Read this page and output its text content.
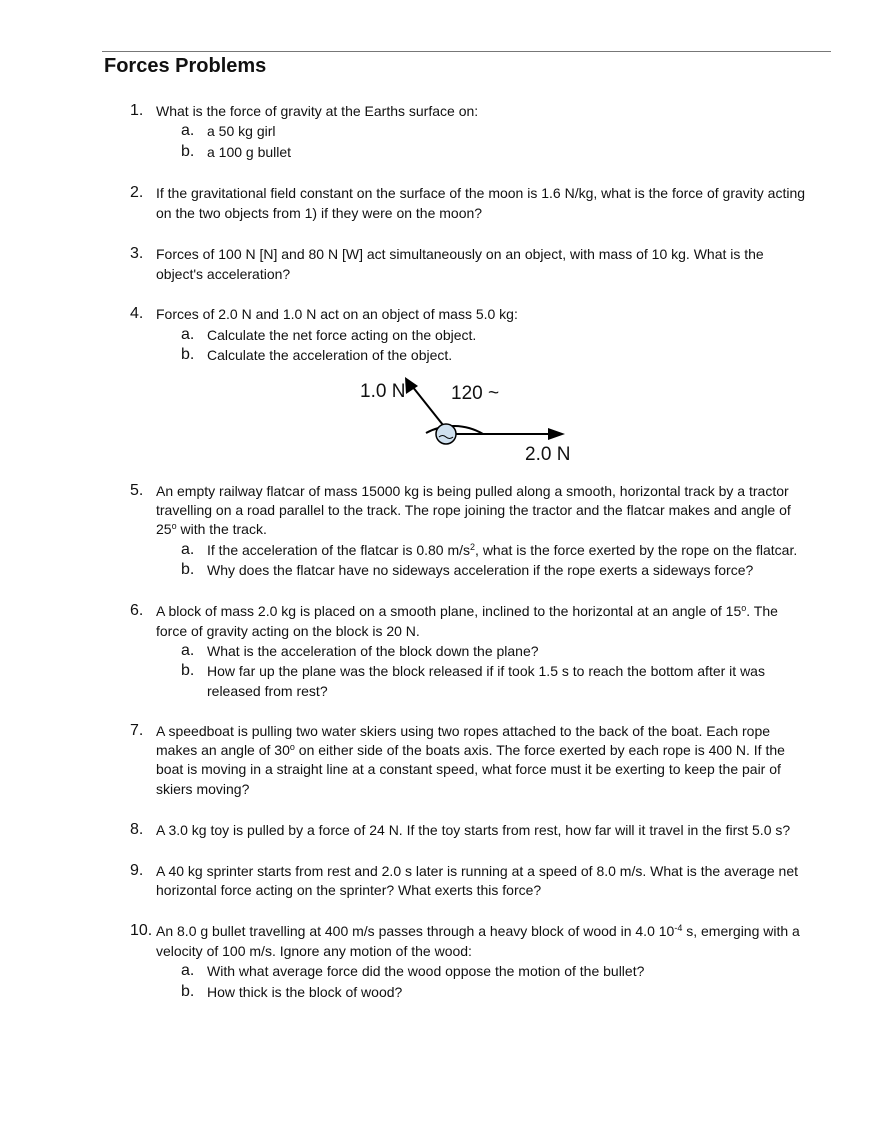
Forces Problems
1. What is the force of gravity at the Earths surface on:
a. a 50 kg girl
b. a 100 g bullet
2. If the gravitational field constant on the surface of the moon is 1.6 N/kg, what is the force of gravity acting
on the two objects from 1) if they were on the moon?
3. Forces of 100 N [N] and 80 N [W] act simultaneously on an object, with mass of 10 kg. What is the
object's acceleration?
4. Forces of 2.0 N and 1.0 N act on an object of mass 5.0 kg:
a. Calculate the net force acting on the object.
b. Calculate the acceleration of the object.
1.0 N 120 ~
2.0 N
5. An empty railway flatcar of mass 15000 kg is being pulled along a smooth, horizontal track by a tractor
travelling on a road parallel to the track. The rope joining the tractor and the flatcar makes and angle of
25$^o$ with the track.
a. If the acceleration of the flatcar is 0.80 $m/s^2$, what is the force exerted by the rope on the flatcar.
b. Why does the flatcar have no sideways acceleration if the rope exerts a sideways force?
6. A block of mass 2.0 kg is placed on a smooth plane, inclined to the horizontal at an angle of 15$^o$. The
force of gravity acting on the block is 20 N.
a. What is the acceleration of the block down the plane?
b. How far up the plane was the block released if if took 1.5 s to reach the bottom after it was
released from rest?
7. A speedboat is pulling two water skiers using two ropes attached to the back of the boat. Each rope
makes an angle of 30$^o$ on either side of the boats axis. The force exerted by each rope is 400 N. If the
boat is moving in a straight line at a constant speed, what force must it be exerting to keep the pair of
skiers moving?
8. A 3.0 kg toy is pulled by a force of 24 N. If the toy starts from rest, how far will it travel in the first 5.0 s?
9. A 40 kg sprinter starts from rest and 2.0 s later is running at a speed of 8.0 m/s. What is the average net
horizontal force acting on the sprinter? What exerts this force?
10. An 8.0 g bullet travelling at 400 m/s passes through a heavy block of wood in 4.0 $10^{-4}$ s, emerging with a
velocity of 100 m/s. Ignore any motion of the wood:
a. With what average force did the wood oppose the motion of the bullet?
b. How thick is the block of wood?
